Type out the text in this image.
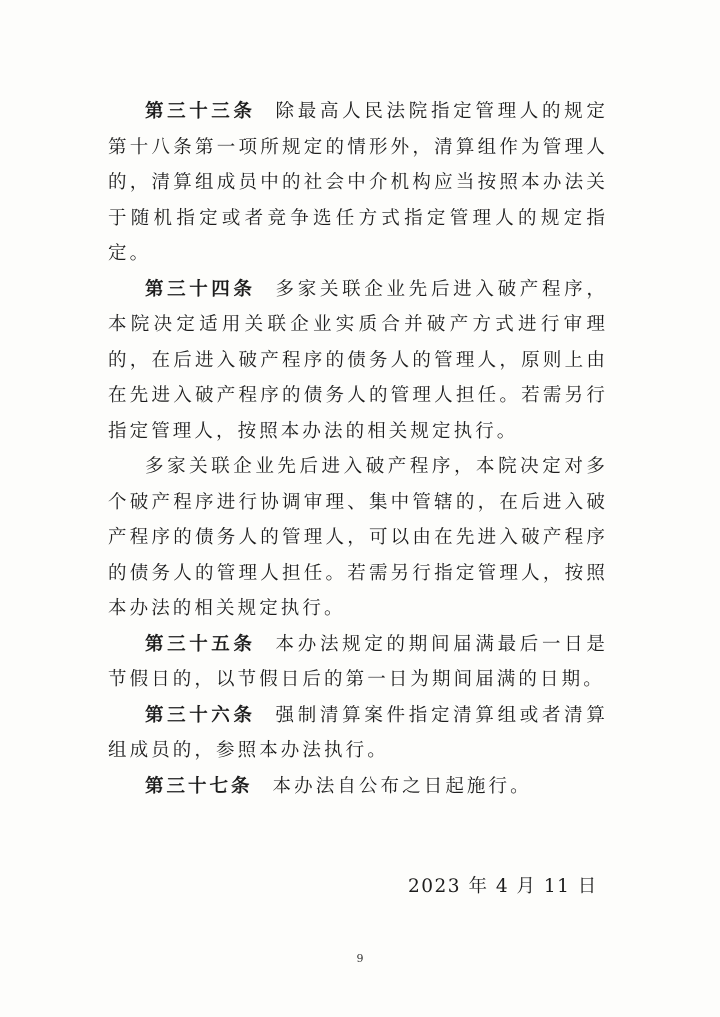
第三十三条 除最高人民法院指定管理人的规定第十八条第一项所规定的情形外，清算组作为管理人的，清算组成员中的社会中介机构应当按照本办法关于随机指定或者竞争选任方式指定管理人的规定指定。

第三十四条 多家关联企业先后进入破产程序，本院决定适用关联企业实质合并破产方式进行审理的，在后进入破产程序的债务人的管理人，原则上由在先进入破产程序的债务人的管理人担任。若需另行指定管理人，按照本办法的相关规定执行。

多家关联企业先后进入破产程序，本院决定对多个破产程序进行协调审理、集中管辖的，在后进入破产程序的债务人的管理人，可以由在先进入破产程序的债务人的管理人担任。若需另行指定管理人，按照本办法的相关规定执行。

第三十五条 本办法规定的期间届满最后一日是节假日的，以节假日后的第一日为期间届满的日期。

第三十六条 强制清算案件指定清算组或者清算组成员的，参照本办法执行。

第三十七条 本办法自公布之日起施行。

2023 年 4 月 11 日
9
